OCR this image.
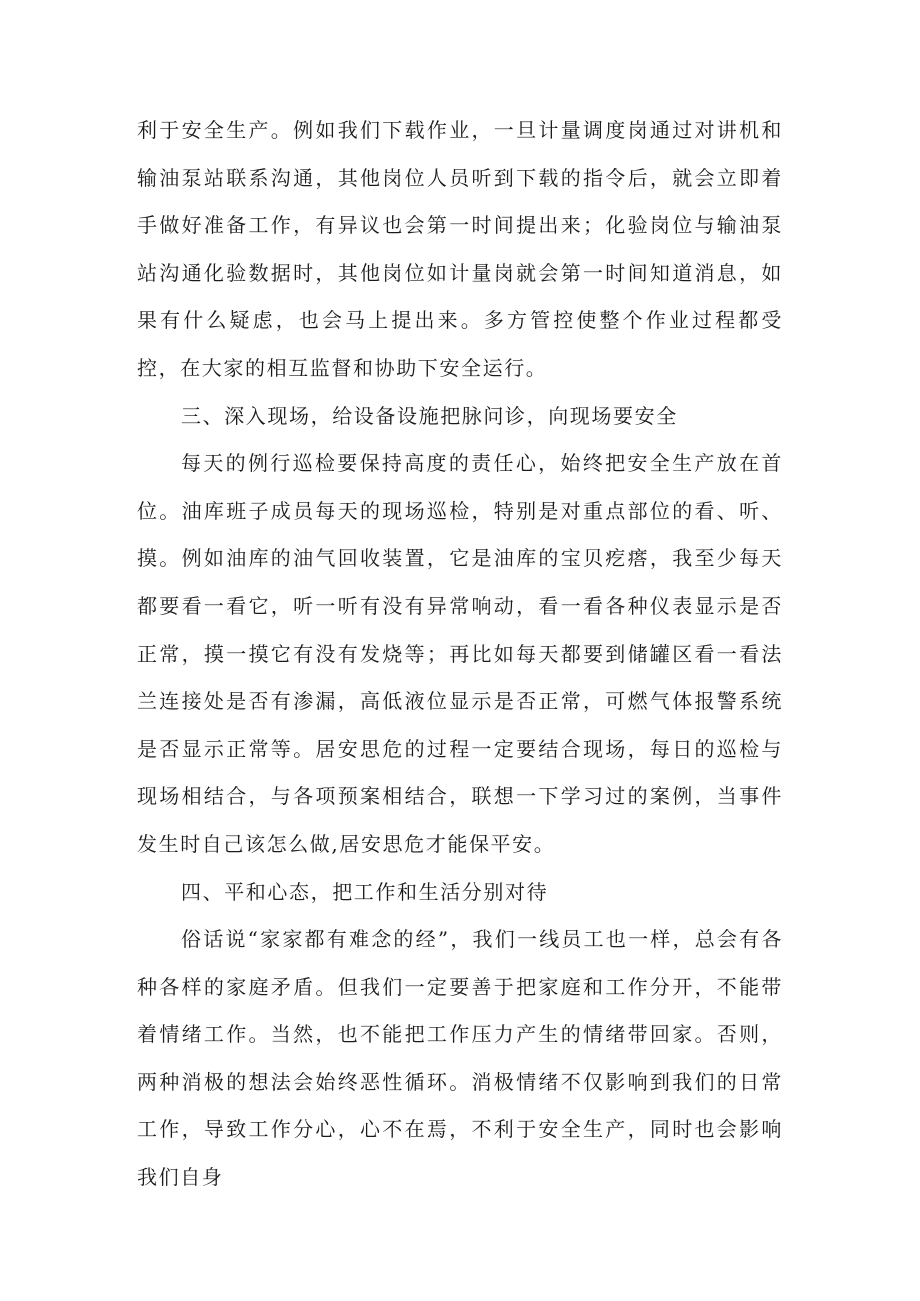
利于安全生产。例如我们下载作业，一旦计量调度岗通过对讲机和输油泵站联系沟通，其他岗位人员听到下载的指令后，就会立即着手做好准备工作，有异议也会第一时间提出来；化验岗位与输油泵站沟通化验数据时，其他岗位如计量岗就会第一时间知道消息，如果有什么疑虑，也会马上提出来。多方管控使整个作业过程都受控，在大家的相互监督和协助下安全运行。

三、深入现场，给设备设施把脉问诊，向现场要安全

每天的例行巡检要保持高度的责任心，始终把安全生产放在首位。油库班子成员每天的现场巡检，特别是对重点部位的看、听、摸。例如油库的油气回收装置，它是油库的宝贝疙瘩，我至少每天都要看一看它，听一听有没有异常响动，看一看各种仪表显示是否正常，摸一摸它有没有发烧等；再比如每天都要到储罐区看一看法兰连接处是否有渗漏，高低液位显示是否正常，可燃气体报警系统是否显示正常等。居安思危的过程一定要结合现场，每日的巡检与现场相结合，与各项预案相结合，联想一下学习过的案例，当事件发生时自己该怎么做,居安思危才能保平安。

四、平和心态，把工作和生活分别对待

俗话说“家家都有难念的经”，我们一线员工也一样，总会有各种各样的家庭矛盾。但我们一定要善于把家庭和工作分开，不能带着情绪工作。当然，也不能把工作压力产生的情绪带回家。否则，两种消极的想法会始终恶性循环。消极情绪不仅影响到我们的日常工作，导致工作分心，心不在焉，不利于安全生产，同时也会影响我们自身
